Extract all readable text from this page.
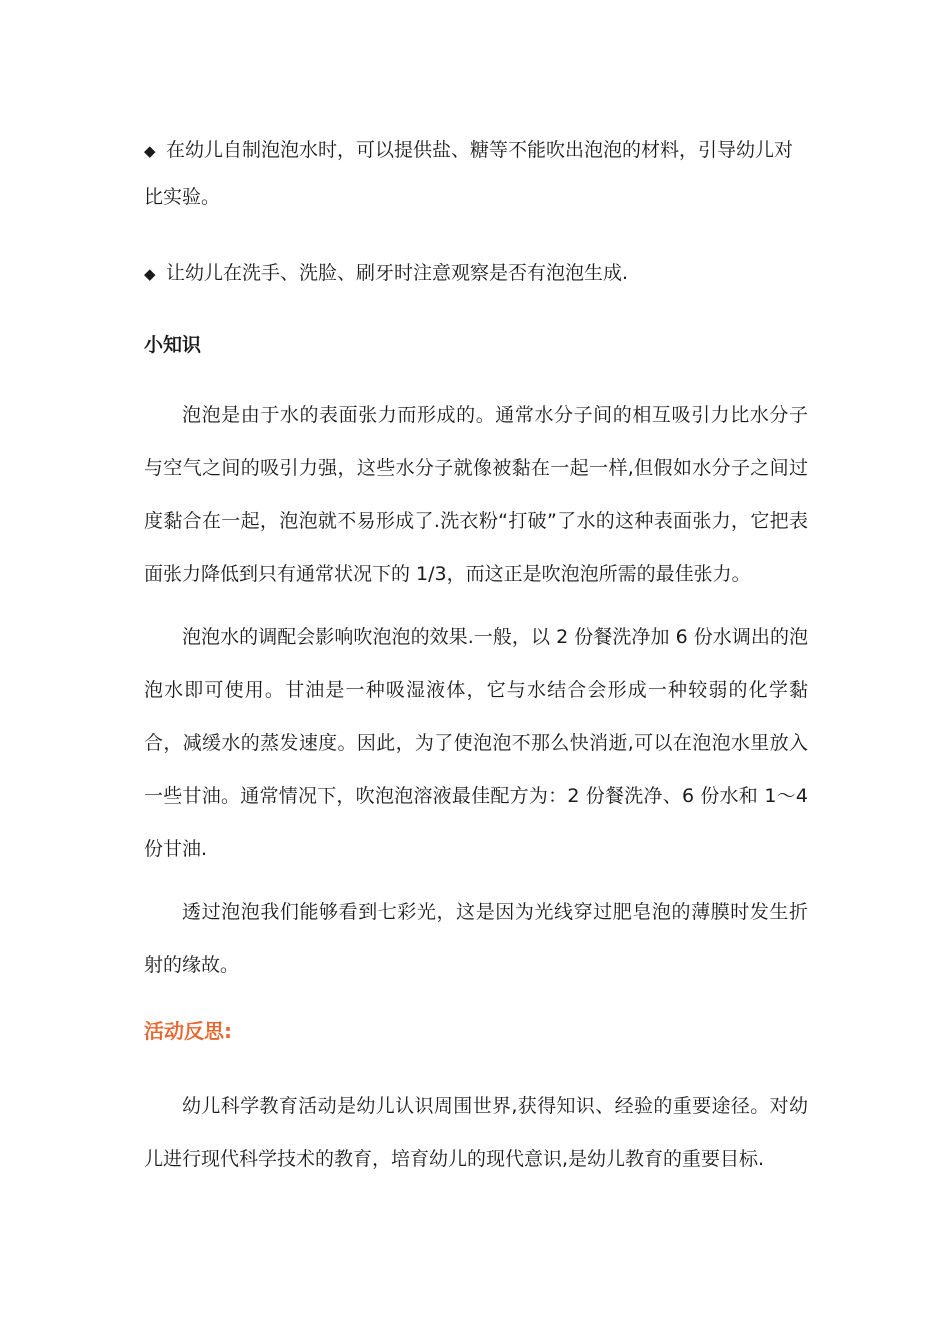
◆ 在幼儿自制泡泡水时，可以提供盐、糖等不能吹出泡泡的材料，引导幼儿对比实验。

◆ 让幼儿在洗手、洗脸、刷牙时注意观察是否有泡泡生成.

小知识

泡泡是由于水的表面张力而形成的。通常水分子间的相互吸引力比水分子与空气之间的吸引力强，这些水分子就像被黏在一起一样,但假如水分子之间过度黏合在一起，泡泡就不易形成了.洗衣粉“打破”了水的这种表面张力，它把表面张力降低到只有通常状况下的 1/3，而这正是吹泡泡所需的最佳张力。

泡泡水的调配会影响吹泡泡的效果.一般，以 2 份餐洗净加 6 份水调出的泡泡水即可使用。甘油是一种吸湿液体，它与水结合会形成一种较弱的化学黏合，减缓水的蒸发速度。因此，为了使泡泡不那么快消逝,可以在泡泡水里放入一些甘油。通常情况下，吹泡泡溶液最佳配方为：2 份餐洗净、6 份水和 1～4 份甘油.

透过泡泡我们能够看到七彩光，这是因为光线穿过肥皂泡的薄膜时发生折射的缘故。

活动反思:

幼儿科学教育活动是幼儿认识周围世界,获得知识、经验的重要途径。对幼儿进行现代科学技术的教育，培育幼儿的现代意识,是幼儿教育的重要目标.
